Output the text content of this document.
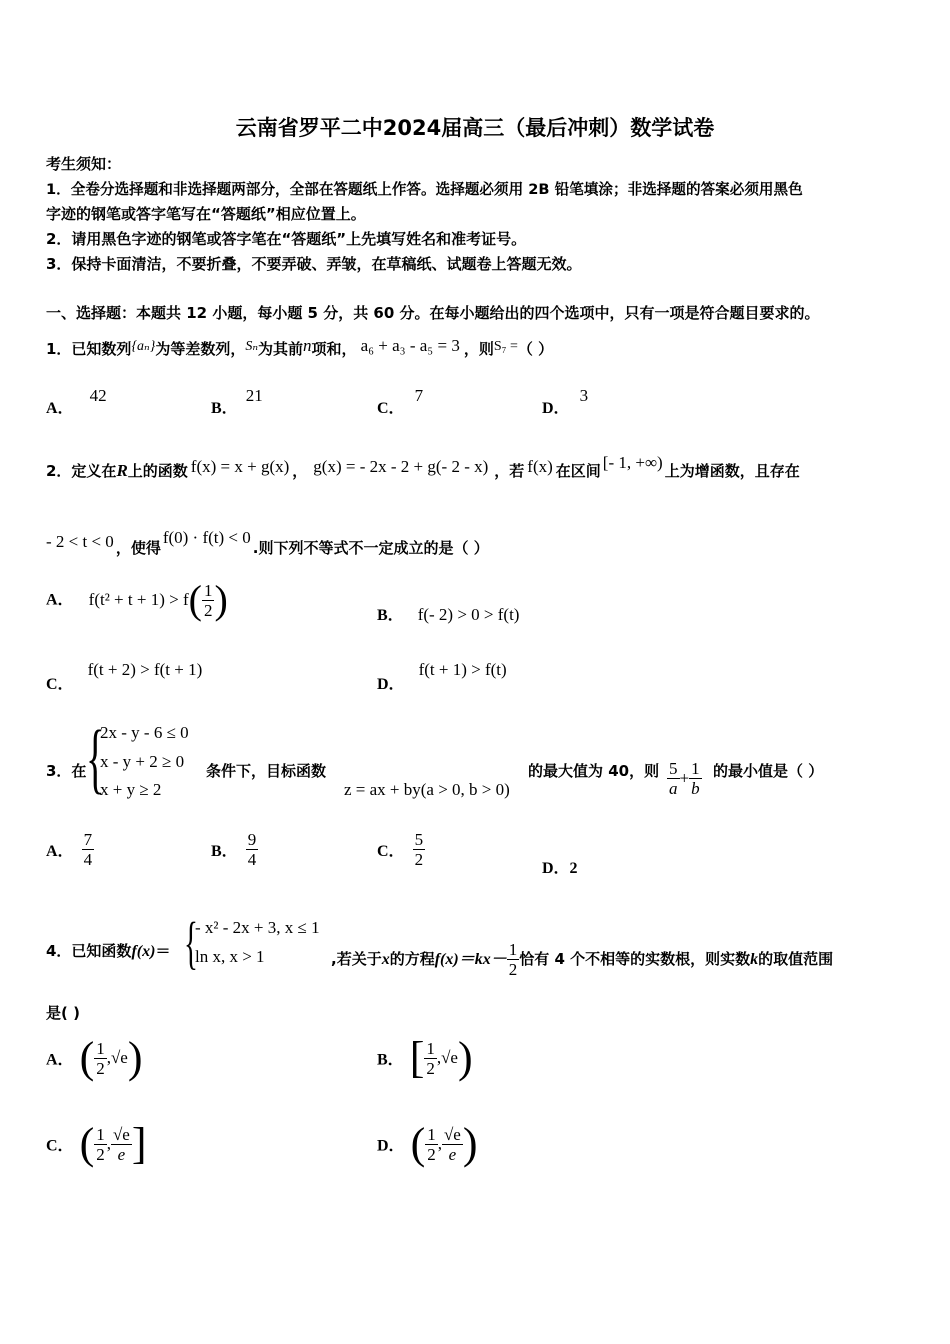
云南省罗平二中2024届高三（最后冲刺）数学试卷
考生须知：
1．全卷分选择题和非选择题两部分，全部在答题纸上作答。选择题必须用 2B 铅笔填涂；非选择题的答案必须用黑色
字迹的钢笔或答字笔写在“答题纸”相应位置上。
2．请用黑色字迹的钢笔或答字笔在“答题纸”上先填写姓名和准考证号。
3．保持卡面清洁，不要折叠，不要弄破、弄皱，在草稿纸、试题卷上答题无效。
一、选择题：本题共 12 小题，每小题 5 分，共 60 分。在每小题给出的四个选项中，只有一项是符合题目要求的。
1．已知数列{aₙ}为等差数列，Sₙ为其前n项和， a₆ + a₃ - a₅ = 3 ，则S₇ =（ ）
A．42
B．21
C．7
D．3
2．定义在R上的函数 f(x) = x + g(x) ， g(x) = - 2x - 2 + g(- 2 - x) ，若 f(x) 在区间 [- 1, +∞) 上为增函数，且存在
- 2 < t < 0 ，使得f(0) · f(t) < 0.则下列不等式不一定成立的是（ ）
A． $f(t^2 + t + 1) > f( \frac{1}{2}$ )	B． f(- 2) > 0 > f(t)
C．f(t + 2) > f(t + 1)
D．f(t + 1) > f(t)
3．在 {
2x - y - 6 ≤ 0
x - y + 2 ≥ 0
x + y ≥ 2
条件下，目标函数
z = ax + by(a > 0, b > 0)
的最大值为 40，则 $\frac{5}{a} + \frac{1}{b}$ 的最小值是（ ）
A． $\frac{7}{4}$	B． $\frac{9}{4}$	C． $\frac{5}{2}$	D．2
4．已知函数f(x)＝ {
- x² - 2x + 3, x ≤ 1
ln x, x > 1	,若关于x的方程$f(x)=kx- \frac{1}{2}$ 恰有 4 个不相等的实数根，则实数k的取值范围
是( )
A． ( $\frac{1}{2} ,√e$)	B． [ $\frac{1}{2} ,√e$)
C． ( $\frac{1}{2}$ , $\frac{√e}{e}$ ]	D． ( $\frac{1}{2}$ , $\frac{√e}{e}$ )
